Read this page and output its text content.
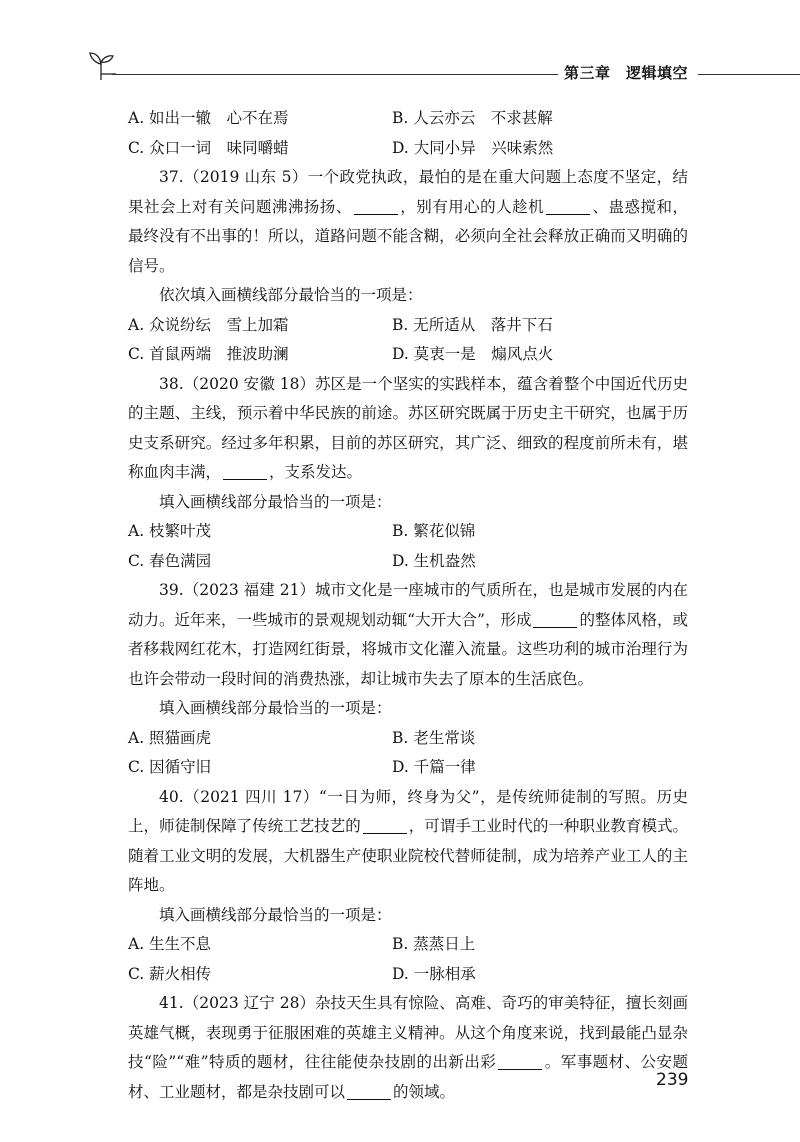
第三章　逻辑填空
A. 如出一辙　心不在焉	B. 人云亦云　不求甚解
C. 众口一词　味同嚼蜡	D. 大同小异　兴味索然

37.（2019 山东 5）一个政党执政，最怕的是在重大问题上态度不坚定，结果社会上对有关问题沸沸扬扬、	，别有用心的人趁机	、蛊惑搅和，最终没有不出事的！所以，道路问题不能含糊，必须向全社会释放正确而又明确的信号。

依次填入画横线部分最恰当的一项是：

A. 众说纷纭　雪上加霜	B. 无所适从　落井下石
C. 首鼠两端　推波助澜	D. 莫衷一是　煽风点火

38.（2020 安徽 18）苏区是一个坚实的实践样本，蕴含着整个中国近代历史的主题、主线，预示着中华民族的前途。苏区研究既属于历史主干研究，也属于历史支系研究。经过多年积累，目前的苏区研究，其广泛、细致的程度前所未有，堪称血肉丰满，	，支系发达。

填入画横线部分最恰当的一项是：

A. 枝繁叶茂	B. 繁花似锦
C. 春色满园	D. 生机盎然

39.（2023 福建 21）城市文化是一座城市的气质所在，也是城市发展的内在动力。近年来，一些城市的景观规划动辄“大开大合”，形成	的整体风格，或者移栽网红花木，打造网红街景，将城市文化灌入流量。这些功利的城市治理行为也许会带动一段时间的消费热涨，却让城市失去了原本的生活底色。

填入画横线部分最恰当的一项是：

A. 照猫画虎	B. 老生常谈
C. 因循守旧	D. 千篇一律

40.（2021 四川 17）“一日为师，终身为父”，是传统师徒制的写照。历史上，师徒制保障了传统工艺技艺的	，可谓手工业时代的一种职业教育模式。随着工业文明的发展，大机器生产使职业院校代替师徒制，成为培养产业工人的主阵地。

填入画横线部分最恰当的一项是：

A. 生生不息	B. 蒸蒸日上
C. 薪火相传	D. 一脉相承

41.（2023 辽宁 28）杂技天生具有惊险、高难、奇巧的审美特征，擅长刻画英雄气概，表现勇于征服困难的英雄主义精神。从这个角度来说，找到最能凸显杂技“险”“难”特质的题材，往往能使杂技剧的出新出彩	。军事题材、公安题材、工业题材，都是杂技剧可以	的领域。

239
